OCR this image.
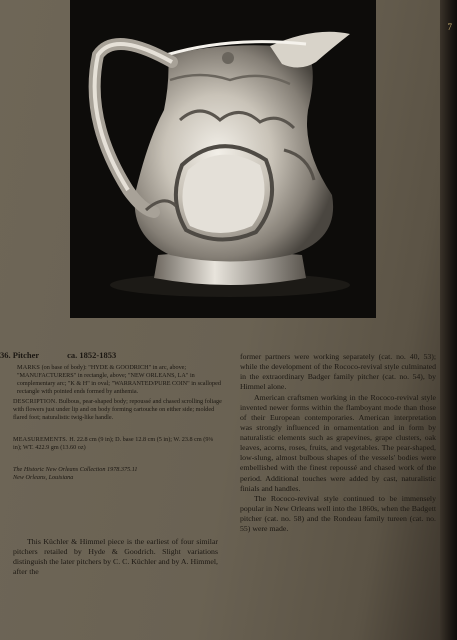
36. Pitcher	ca. 1852-1853
MARKS (on base of body): "HYDE & GOODRICH" in arc, above; "MANUFACTURERS" in rectangle, above; "NEW ORLEANS, LA" in complementary arc; "K & H" in oval; "WARRANTED/PURE COIN" in scalloped rectangle with pointed ends formed by anthemia.
DESCRIPTION. Bulbous, pear-shaped body; repoussé and chased scrolling foliage with flowers just under lip and on body forming cartouche on either side; molded flared foot; naturalistic twig-like handle.
MEASUREMENTS. H. 22.8 cm (9 in); D. base 12.8 cm (5 in); W. 23.8 cm (9⅜ in); WT. 422.9 gm (13.60 oz)
The Historic New Orleans Collection 1978.375.11
New Orleans, Louisiana

This Küchler & Himmel piece is the earliest of four similar pitchers retailed by Hyde & Goodrich. Slight variations distinguish the later pitchers by C. C. Küchler and by A. Himmel, after the

former partners were working separately (cat. no. 40, 53); while the development of the Rococo-revival style culminated in the extraordinary Badger family pitcher (cat. no. 54), by Himmel alone.

American craftsmen working in the Rococo-revival style invented newer forms within the flamboyant mode than those of their European contemporaries. American interpretation was strongly influenced in ornamentation and in form by naturalistic elements such as grapevines, grape clusters, oak leaves, acorns, roses, fruits, and vegetables. The pear-shaped, low-slung, almost bulbous shapes of the vessels' bodies were embellished with the finest repoussé and chased work of the period. Additional touches were added by cast, naturalistic finials and handles.

The Rococo-revival style continued to be immensely popular in New Orleans well into the 1860s, when the Badgett pitcher (cat. no. 58) and the Rondeau family tureen (cat. no. 55) were made.

7
